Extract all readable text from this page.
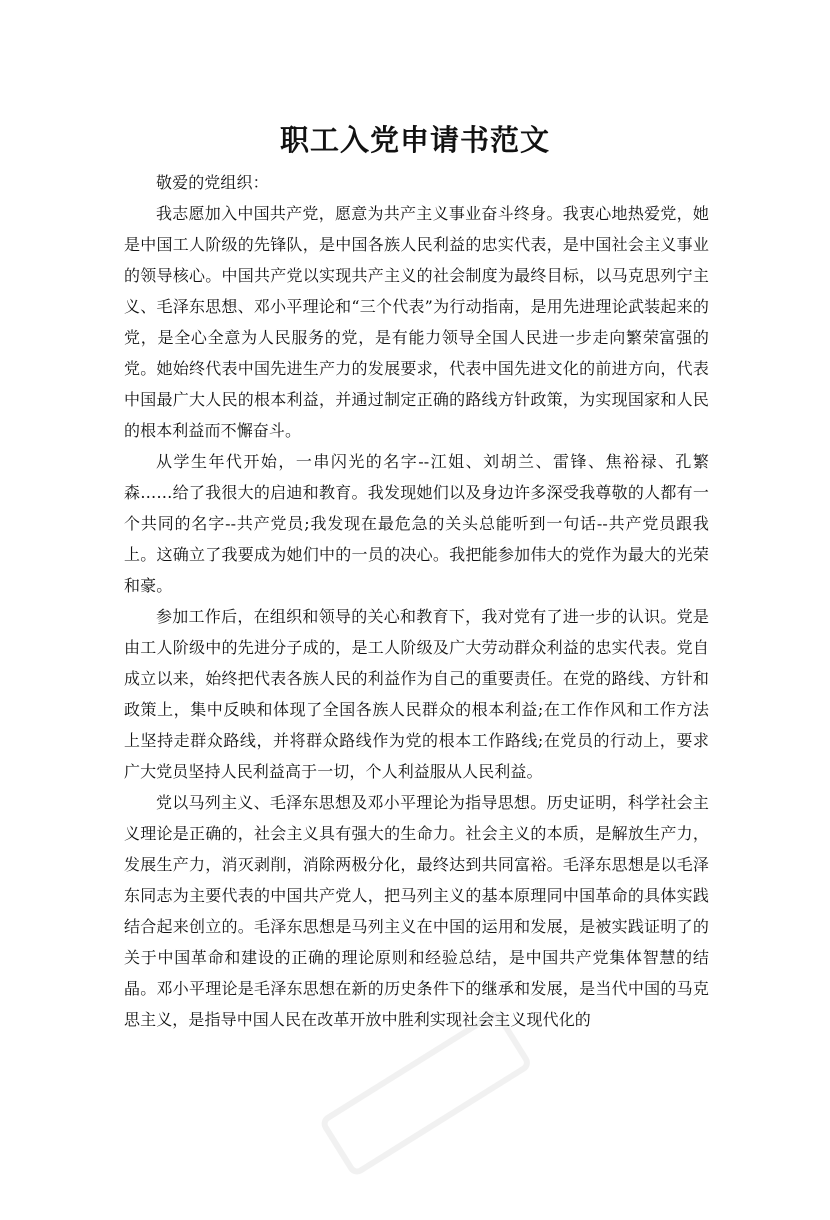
职工入党申请书范文

敬爱的党组织：

我志愿加入中国共产党，愿意为共产主义事业奋斗终身。我衷心地热爱党，她是中国工人阶级的先锋队，是中国各族人民利益的忠实代表，是中国社会主义事业的领导核心。中国共产党以实现共产主义的社会制度为最终目标，以马克思列宁主义、毛泽东思想、邓小平理论和“三个代表”为行动指南，是用先进理论武装起来的党，是全心全意为人民服务的党，是有能力领导全国人民进一步走向繁荣富强的党。她始终代表中国先进生产力的发展要求，代表中国先进文化的前进方向，代表中国最广大人民的根本利益，并通过制定正确的路线方针政策，为实现国家和人民的根本利益而不懈奋斗。

从学生年代开始，一串闪光的名字--江姐、刘胡兰、雷锋、焦裕禄、孔繁森……给了我很大的启迪和教育。我发现她们以及身边许多深受我尊敬的人都有一个共同的名字--共产党员;我发现在最危急的关头总能听到一句话--共产党员跟我上。这确立了我要成为她们中的一员的决心。我把能参加伟大的党作为最大的光荣和豪。

参加工作后，在组织和领导的关心和教育下，我对党有了进一步的认识。党是由工人阶级中的先进分子成的，是工人阶级及广大劳动群众利益的忠实代表。党自成立以来，始终把代表各族人民的利益作为自己的重要责任。在党的路线、方针和政策上，集中反映和体现了全国各族人民群众的根本利益;在工作作风和工作方法上坚持走群众路线，并将群众路线作为党的根本工作路线;在党员的行动上，要求广大党员坚持人民利益高于一切，个人利益服从人民利益。

党以马列主义、毛泽东思想及邓小平理论为指导思想。历史证明，科学社会主义理论是正确的，社会主义具有强大的生命力。社会主义的本质，是解放生产力，发展生产力，消灭剥削，消除两极分化，最终达到共同富裕。毛泽东思想是以毛泽东同志为主要代表的中国共产党人，把马列主义的基本原理同中国革命的具体实践结合起来创立的。毛泽东思想是马列主义在中国的运用和发展，是被实践证明了的关于中国革命和建设的正确的理论原则和经验总结，是中国共产党集体智慧的结晶。邓小平理论是毛泽东思想在新的历史条件下的继承和发展，是当代中国的马克思主义，是指导中国人民在改革开放中胜利实现社会主义现代化的
